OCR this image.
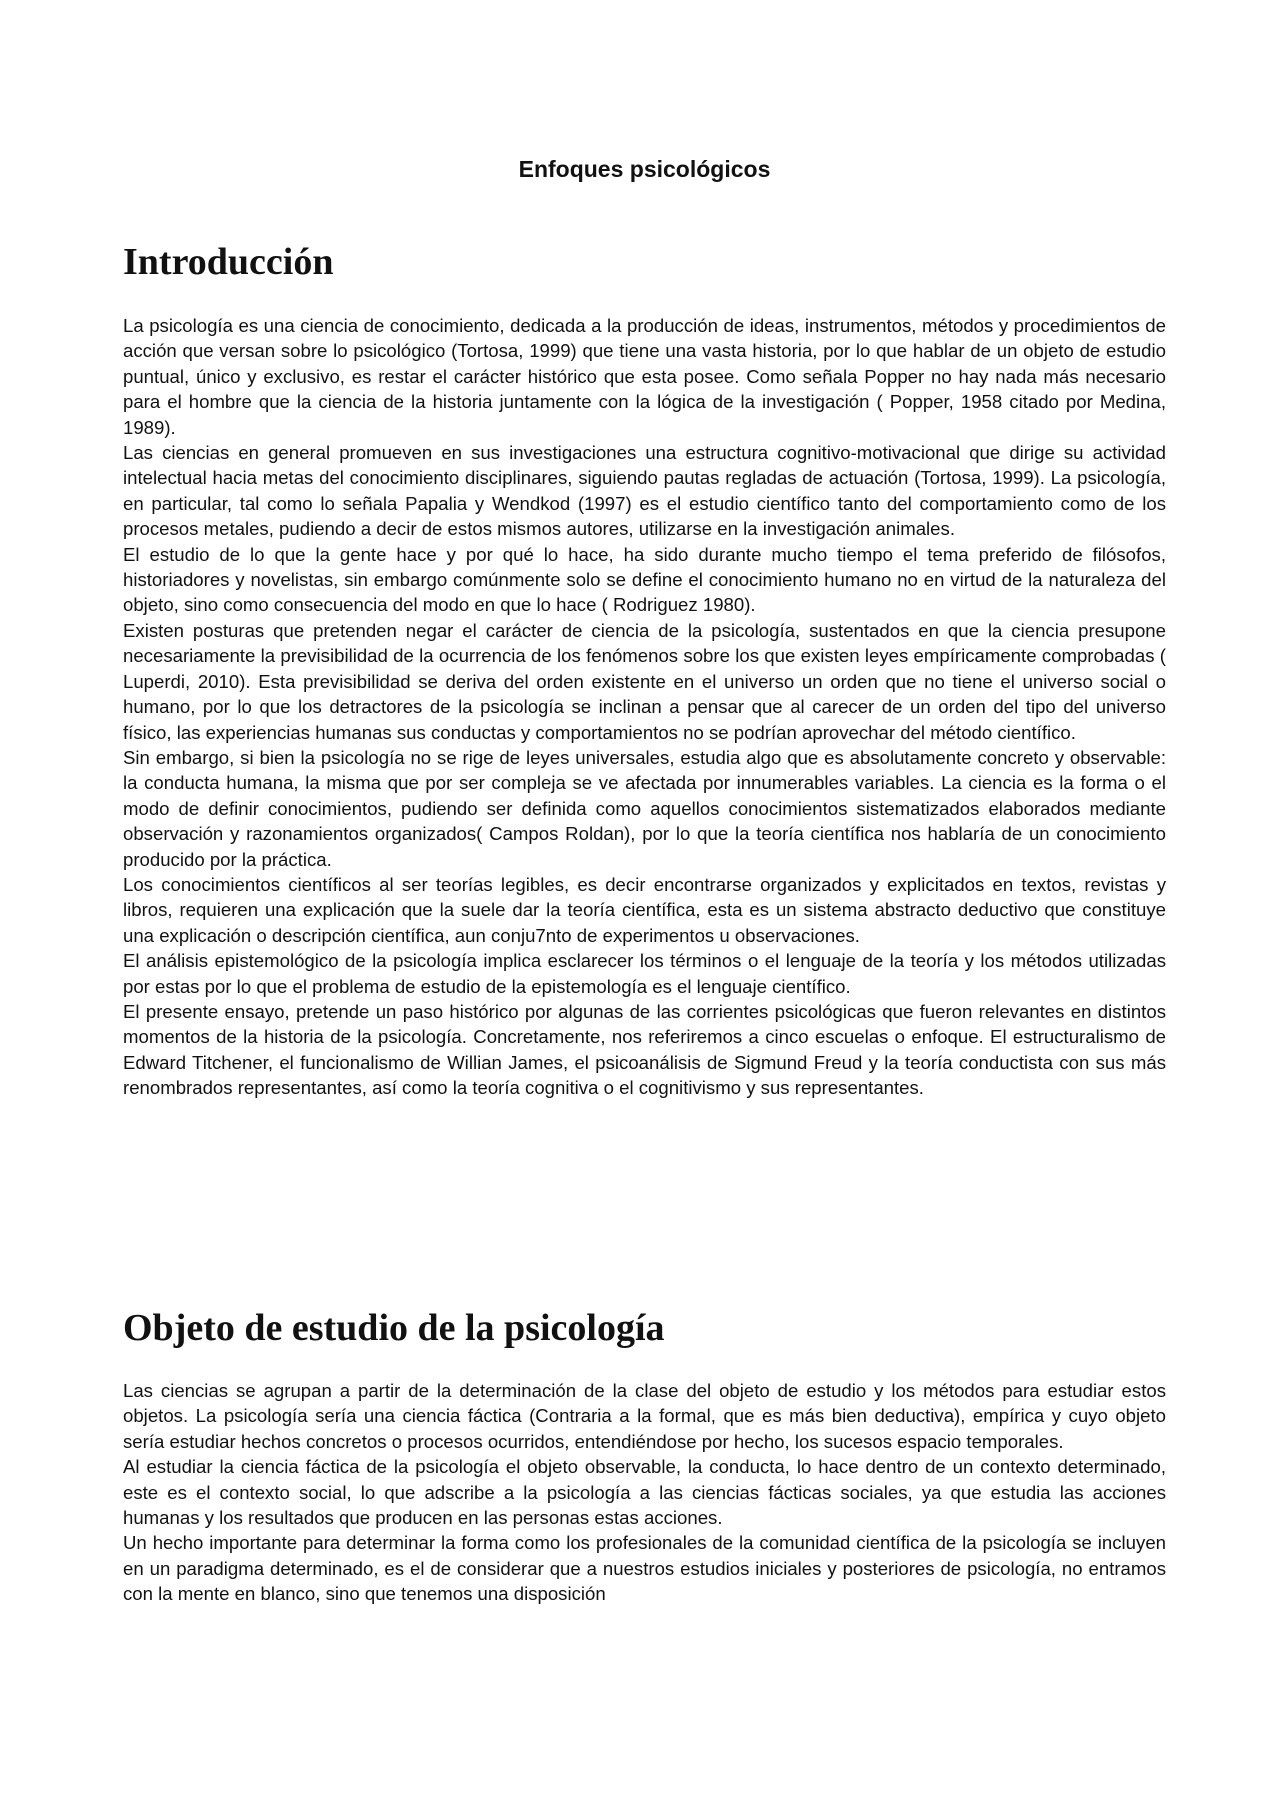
Enfoques psicológicos
Introducción

La psicología es una ciencia de conocimiento, dedicada a la producción de ideas, instrumentos, métodos y procedimientos de acción que versan sobre lo psicológico (Tortosa, 1999) que tiene una vasta historia, por lo que hablar de un objeto de estudio puntual, único y exclusivo, es restar el carácter histórico que esta posee. Como señala Popper no hay nada más necesario para el hombre que la ciencia de la historia juntamente con la lógica de la investigación ( Popper, 1958 citado por Medina, 1989).

Las ciencias en general promueven en sus investigaciones una estructura cognitivo-motivacional que dirige su actividad intelectual hacia metas del conocimiento disciplinares, siguiendo pautas regladas de actuación (Tortosa, 1999). La psicología, en particular, tal como lo señala Papalia y Wendkod (1997) es el estudio científico tanto del comportamiento como de los procesos metales, pudiendo a decir de estos mismos autores, utilizarse en la investigación animales.

El estudio de lo que la gente hace y por qué lo hace, ha sido durante mucho tiempo el tema preferido de filósofos, historiadores y novelistas, sin embargo comúnmente solo se define el conocimiento humano no en virtud de la naturaleza del objeto, sino como consecuencia del modo en que lo hace ( Rodriguez 1980).

Existen posturas que pretenden negar el carácter de ciencia de la psicología, sustentados en que la ciencia presupone necesariamente la previsibilidad de la ocurrencia de los fenómenos sobre los que existen leyes empíricamente comprobadas ( Luperdi, 2010). Esta previsibilidad se deriva del orden existente en el universo un orden que no tiene el universo social o humano, por lo que los detractores de la psicología se inclinan a pensar que al carecer de un orden del tipo del universo físico, las experiencias humanas sus conductas y comportamientos no se podrían aprovechar del método científico.

Sin embargo, si bien la psicología no se rige de leyes universales, estudia algo que es absolutamente concreto y observable: la conducta humana, la misma que por ser compleja se ve afectada por innumerables variables. La ciencia es la forma o el modo de definir conocimientos, pudiendo ser definida como aquellos conocimientos sistematizados elaborados mediante observación y razonamientos organizados( Campos Roldan), por lo que la teoría científica nos hablaría de un conocimiento producido por la práctica.

Los conocimientos científicos al ser teorías legibles, es decir encontrarse organizados y explicitados en textos, revistas y libros, requieren una explicación que la suele dar la teoría científica, esta es un sistema abstracto deductivo que constituye una explicación o descripción científica, aun conju7nto de experimentos u observaciones.

El análisis epistemológico de la psicología implica esclarecer los términos o el lenguaje de la teoría y los métodos utilizadas por estas por lo que el problema de estudio de la epistemología es el lenguaje científico.

El presente ensayo, pretende un paso histórico por algunas de las corrientes psicológicas que fueron relevantes en distintos momentos de la historia de la psicología. Concretamente, nos referiremos a cinco escuelas o enfoque. El estructuralismo de Edward Titchener, el funcionalismo de Willian James, el psicoanálisis de Sigmund Freud y la teoría conductista con sus más renombrados representantes, así como la teoría cognitiva o el cognitivismo y sus representantes.

Objeto de estudio de la psicología

Las ciencias se agrupan a partir de la determinación de la clase del objeto de estudio y los métodos para estudiar estos objetos. La psicología sería una ciencia fáctica (Contraria a la formal, que es más bien deductiva), empírica y cuyo objeto sería estudiar hechos concretos o procesos ocurridos, entendiéndose por hecho, los sucesos espacio temporales.

Al estudiar la ciencia fáctica de la psicología el objeto observable, la conducta, lo hace dentro de un contexto determinado, este es el contexto social, lo que adscribe a la psicología a las ciencias fácticas sociales, ya que estudia las acciones humanas y los resultados que producen en las personas estas acciones.

Un hecho importante para determinar la forma como los profesionales de la comunidad científica de la psicología se incluyen en un paradigma determinado, es el de considerar que a nuestros estudios iniciales y posteriores de psicología, no entramos con la mente en blanco, sino que tenemos una disposición
